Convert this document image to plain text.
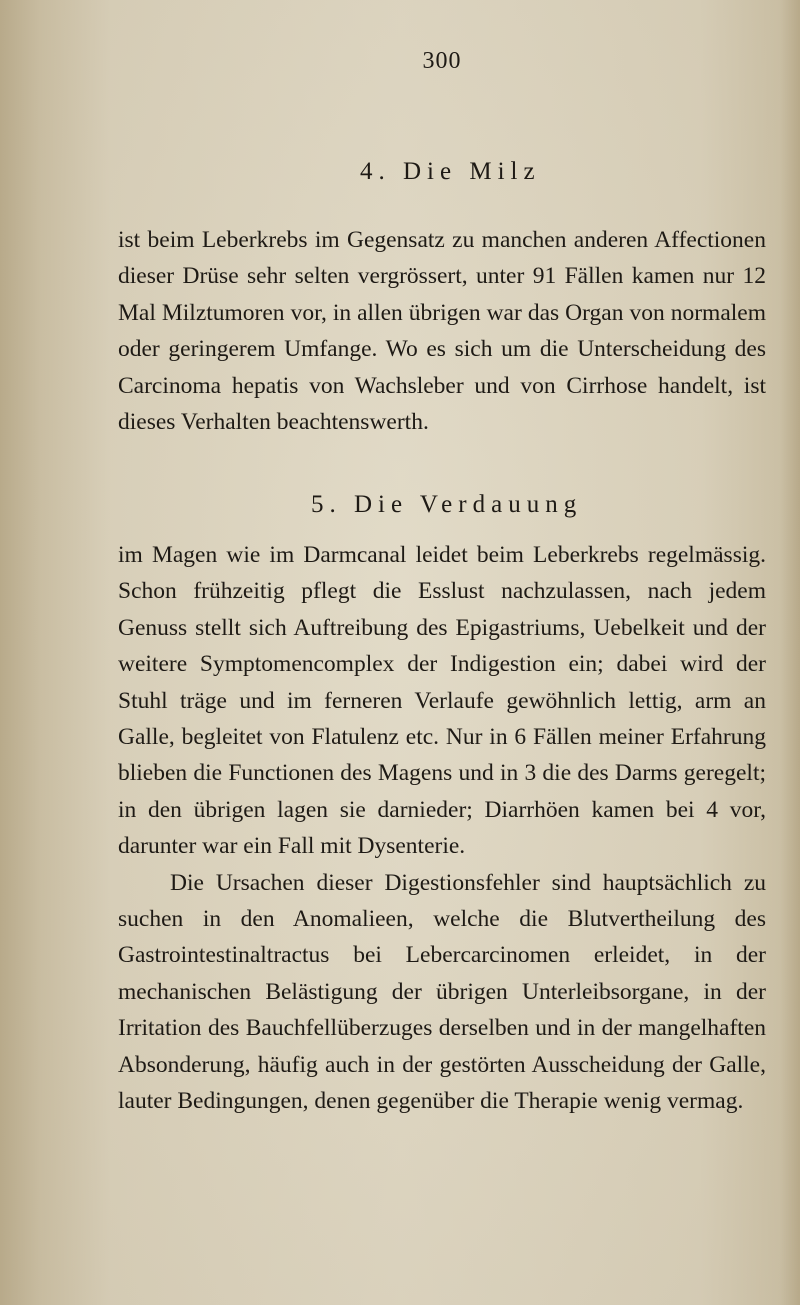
300
4. Die Milz

ist beim Leberkrebs im Gegensatz zu manchen anderen Affectionen dieser Drüse sehr selten vergrössert, unter 91 Fällen kamen nur 12 Mal Milztumoren vor, in allen übrigen war das Organ von normalem oder geringerem Umfange. Wo es sich um die Unterscheidung des Carcinoma hepatis von Wachsleber und von Cirrhose handelt, ist dieses Verhalten beachtenswerth.

5. Die Verdauung

im Magen wie im Darmcanal leidet beim Leberkrebs regelmässig. Schon frühzeitig pflegt die Esslust nachzulassen, nach jedem Genuss stellt sich Auftreibung des Epigastriums, Uebelkeit und der weitere Symptomencomplex der Indigestion ein; dabei wird der Stuhl träge und im ferneren Verlaufe gewöhnlich lettig, arm an Galle, begleitet von Flatulenz etc. Nur in 6 Fällen meiner Erfahrung blieben die Functionen des Magens und in 3 die des Darms geregelt; in den übrigen lagen sie darnieder; Diarrhöen kamen bei 4 vor, darunter war ein Fall mit Dysenterie.

Die Ursachen dieser Digestionsfehler sind hauptsächlich zu suchen in den Anomalieen, welche die Blutvertheilung des Gastrointestinaltractus bei Lebercarcinomen erleidet, in der mechanischen Belästigung der übrigen Unterleibsorgane, in der Irritation des Bauchfellüberzuges derselben und in der mangelhaften Absonderung, häufig auch in der gestörten Ausscheidung der Galle, lauter Bedingungen, denen gegenüber die Therapie wenig vermag.
